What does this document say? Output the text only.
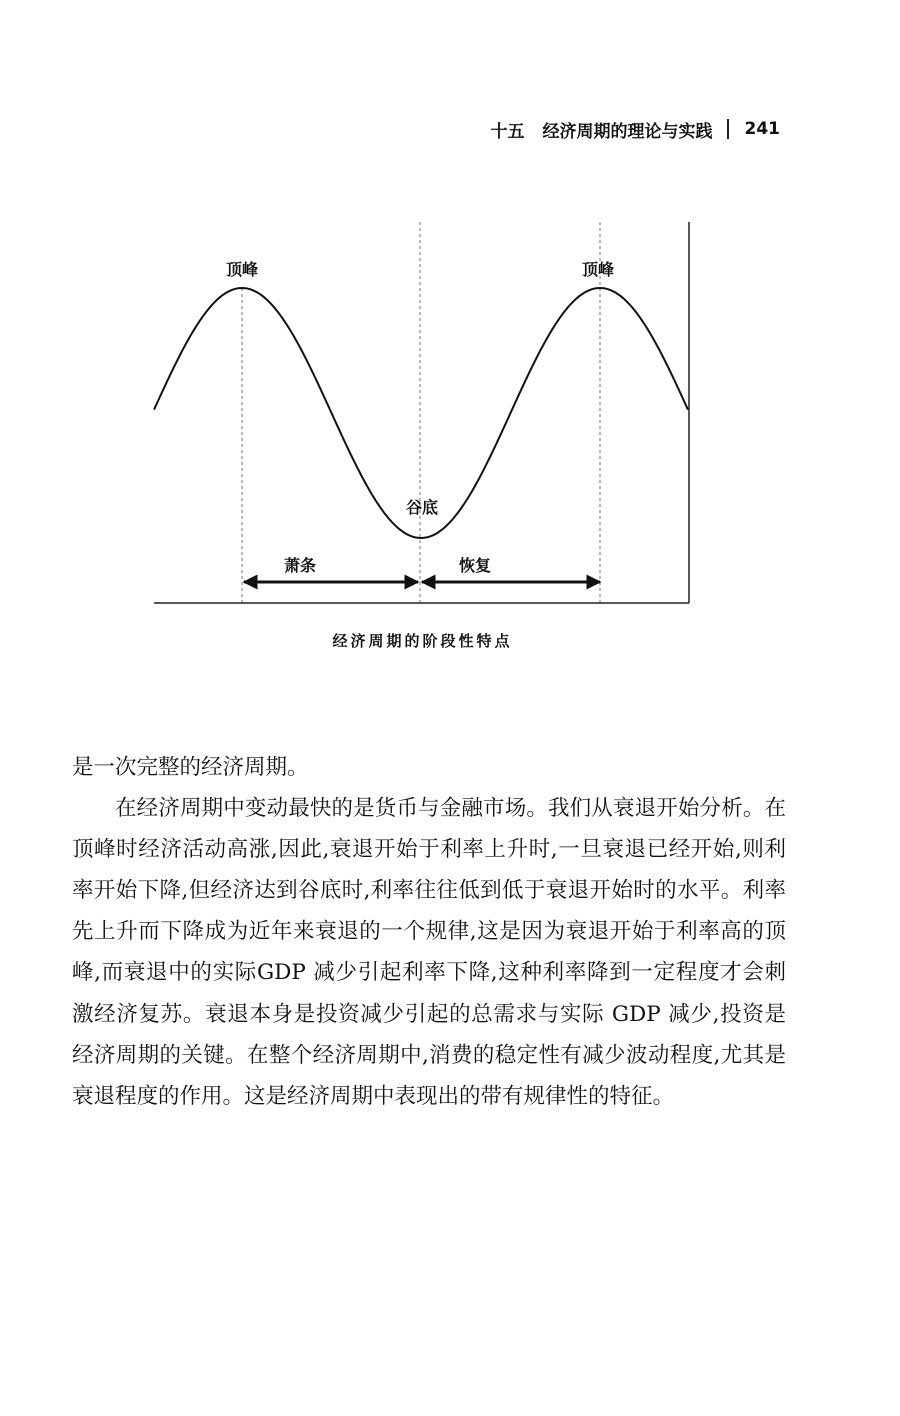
十五 经济周期的理论与实践 241
顶峰	顶峰
谷底
萧条	恢复
经济周期的阶段性特点

是一次完整的经济周期。

在经济周期中变动最快的是货币与金融市场。我们从衰退开始分析。在顶峰时经济活动高涨,因此,衰退开始于利率上升时,一旦衰退已经开始,则利率开始下降,但经济达到谷底时,利率往往低到低于衰退开始时的水平。利率先上升而下降成为近年来衰退的一个规律,这是因为衰退开始于利率高的顶峰,而衰退中的实际GDP 减少引起利率下降,这种利率降到一定程度才会刺激经济复苏。衰退本身是投资减少引起的总需求与实际 GDP 减少,投资是经济周期的关键。在整个经济周期中,消费的稳定性有减少波动程度,尤其是衰退程度的作用。这是经济周期中表现出的带有规律性的特征。
